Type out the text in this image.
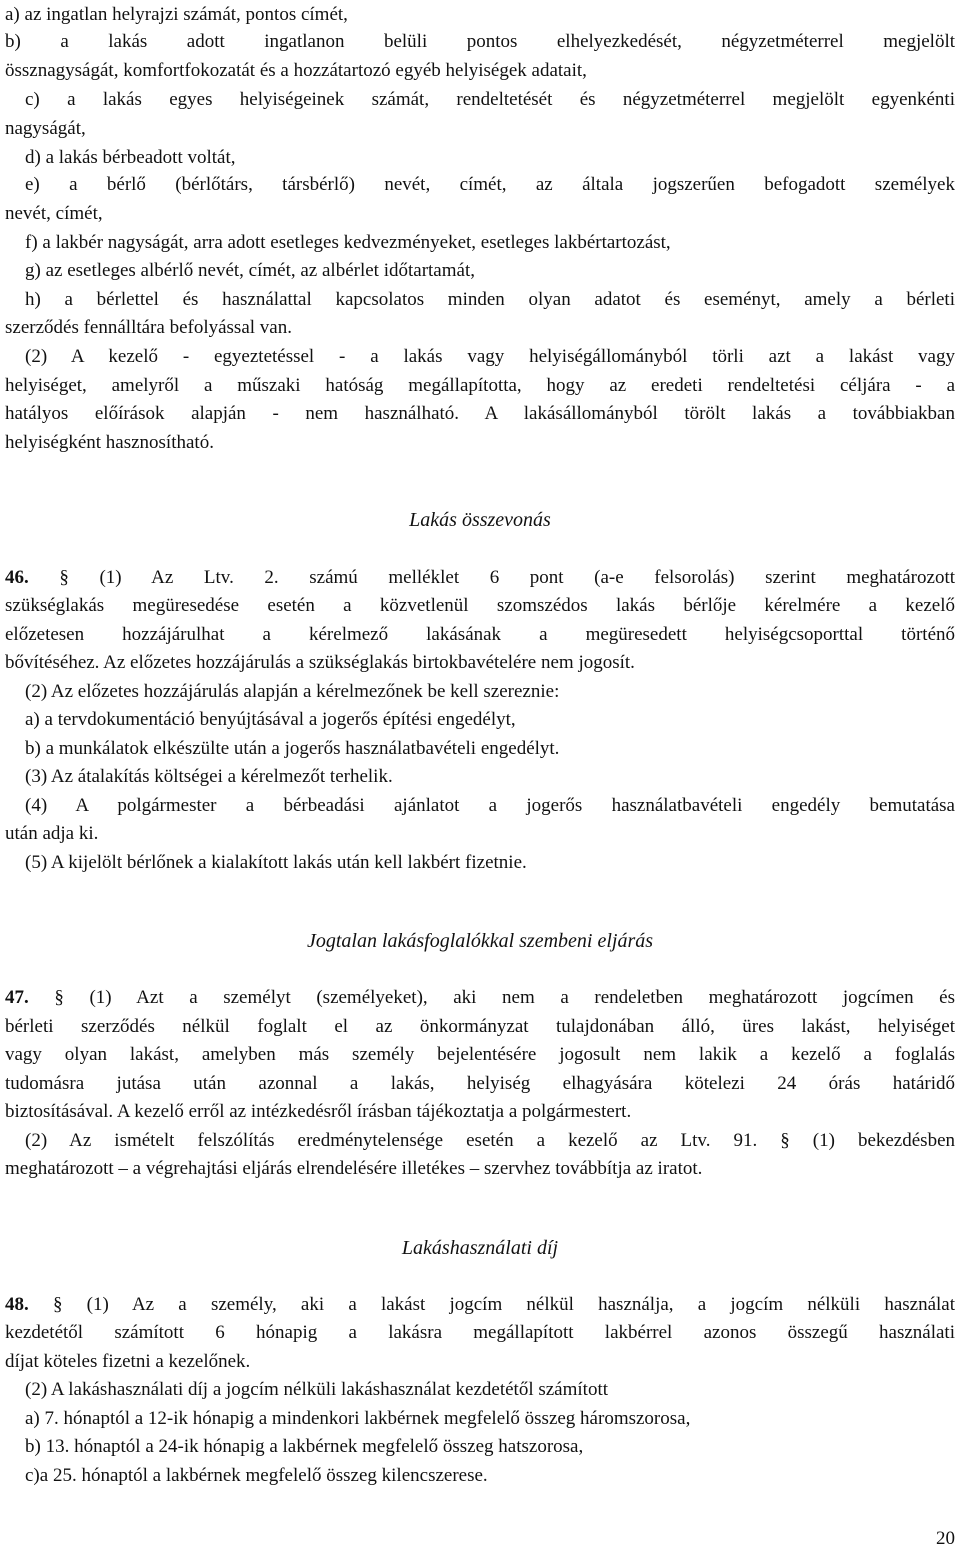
a) az ingatlan helyrajzi számát, pontos címét,
b) a lakás adott ingatlanon belüli pontos elhelyezkedését, négyzetméterrel megjelölt
össznagyságát, komfortfokozatát és a hozzátartozó egyéb helyiségek adatait,
c) a lakás egyes helyiségeinek számát, rendeltetését és négyzetméterrel megjelölt egyenkénti
nagyságát,
d) a lakás bérbeadott voltát,
e) a bérlő (bérlőtárs, társbérlő) nevét, címét, az általa jogszerűen befogadott személyek
nevét, címét,
f) a lakbér nagyságát, arra adott esetleges kedvezményeket, esetleges lakbértartozást,
g) az esetleges albérlő nevét, címét, az albérlet időtartamát,
h) a bérlettel és használattal kapcsolatos minden olyan adatot és eseményt, amely a bérleti
szerződés fennálltára befolyással van.
(2) A kezelő - egyeztetéssel - a lakás vagy helyiségállományból törli azt a lakást vagy
helyiséget, amelyről a műszaki hatóság megállapította, hogy az eredeti rendeltetési céljára - a
hatályos előírások alapján - nem használható. A lakásállományból törölt lakás a továbbiakban
helyiségként hasznosítható.
Lakás összevonás
46. § (1) Az Ltv. 2. számú melléklet 6 pont (a-e felsorolás) szerint meghatározott
szükséglakás megüresedése esetén a közvetlenül szomszédos lakás bérlője kérelmére a kezelő
előzetesen hozzájárulhat a kérelmező lakásának a megüresedett helyiségcsoporttal történő
bővítéséhez. Az előzetes hozzájárulás a szükséglakás birtokbavételére nem jogosít.
(2) Az előzetes hozzájárulás alapján a kérelmezőnek be kell szereznie:
a) a tervdokumentáció benyújtásával a jogerős építési engedélyt,
b) a munkálatok elkészülte után a jogerős használatbavételi engedélyt.
(3) Az átalakítás költségei a kérelmezőt terhelik.
(4) A polgármester a bérbeadási ajánlatot a jogerős használatbavételi engedély bemutatása
után adja ki.
(5) A kijelölt bérlőnek a kialakított lakás után kell lakbért fizetnie.
Jogtalan lakásfoglalókkal szembeni eljárás
47. § (1) Azt a személyt (személyeket), aki nem a rendeletben meghatározott jogcímen és
bérleti szerződés nélkül foglalt el az önkormányzat tulajdonában álló, üres lakást, helyiséget
vagy olyan lakást, amelyben más személy bejelentésére jogosult nem lakik a kezelő a foglalás
tudomásra jutása után azonnal a lakás, helyiség elhagyására kötelezi 24 órás határidő
biztosításával. A kezelő erről az intézkedésről írásban tájékoztatja a polgármestert.
(2) Az ismételt felszólítás eredménytelensége esetén a kezelő az Ltv. 91. § (1) bekezdésben
meghatározott – a végrehajtási eljárás elrendelésére illetékes – szervhez továbbítja az iratot.
Lakáshasználati díj
48. § (1) Az a személy, aki a lakást jogcím nélkül használja, a jogcím nélküli használat
kezdetétől számított 6 hónapig a lakásra megállapított lakbérrel azonos összegű használati
díjat köteles fizetni a kezelőnek.
(2) A lakáshasználati díj a jogcím nélküli lakáshasználat kezdetétől számított
a) 7. hónaptól a 12-ik hónapig a mindenkori lakbérnek megfelelő összeg háromszorosa,
b) 13. hónaptól a 24-ik hónapig a lakbérnek megfelelő összeg hatszorosa,
c)a 25. hónaptól a lakbérnek megfelelő összeg kilencszerese.
20
